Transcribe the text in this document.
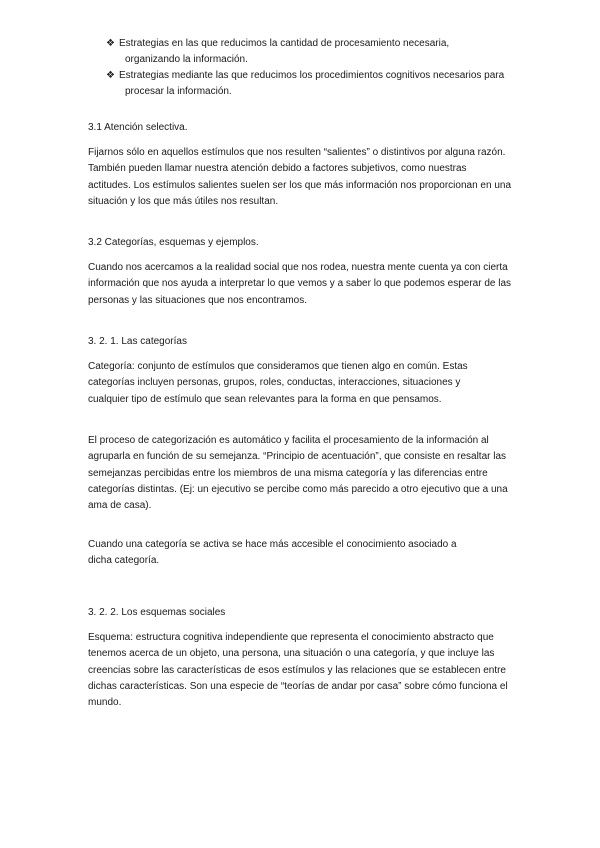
❖ Estrategias en las que reducimos la cantidad de procesamiento necesaria,
organizando la información.
❖ Estrategias mediante las que reducimos los procedimientos cognitivos necesarios para
procesar la información.
3.1 Atención selectiva.
Fijarnos sólo en aquellos estímulos que nos resulten “salientes” o distintivos por alguna razón.
También pueden llamar nuestra atención debido a factores subjetivos, como nuestras
actitudes. Los estímulos salientes suelen ser los que más información nos proporcionan en una
situación y los que más útiles nos resultan.
3.2 Categorías, esquemas y ejemplos.
Cuando nos acercamos a la realidad social que nos rodea, nuestra mente cuenta ya con cierta
información que nos ayuda a interpretar lo que vemos y a saber lo que podemos esperar de las
personas y las situaciones que nos encontramos.
3. 2. 1. Las categorías
Categoría: conjunto de estímulos que consideramos que tienen algo en común. Estas
categorías incluyen personas, grupos, roles, conductas, interacciones, situaciones y
cualquier tipo de estímulo que sean relevantes para la forma en que pensamos.
El proceso de categorización es automático y facilita el procesamiento de la información al
agruparla en función de su semejanza. “Principio de acentuación”, que consiste en resaltar las
semejanzas percibidas entre los miembros de una misma categoría y las diferencias entre
categorías distintas. (Ej: un ejecutivo se percibe como más parecido a otro ejecutivo que a una
ama de casa).
Cuando una categoría se activa se hace más accesible el conocimiento asociado a
dicha categoría.
3. 2. 2. Los esquemas sociales
Esquema: estructura cognitiva independiente que representa el conocimiento abstracto que
tenemos acerca de un objeto, una persona, una situación o una categoría, y que incluye las
creencias sobre las características de esos estímulos y las relaciones que se establecen entre
dichas características. Son una especie de “teorías de andar por casa” sobre cómo funciona el
mundo.
